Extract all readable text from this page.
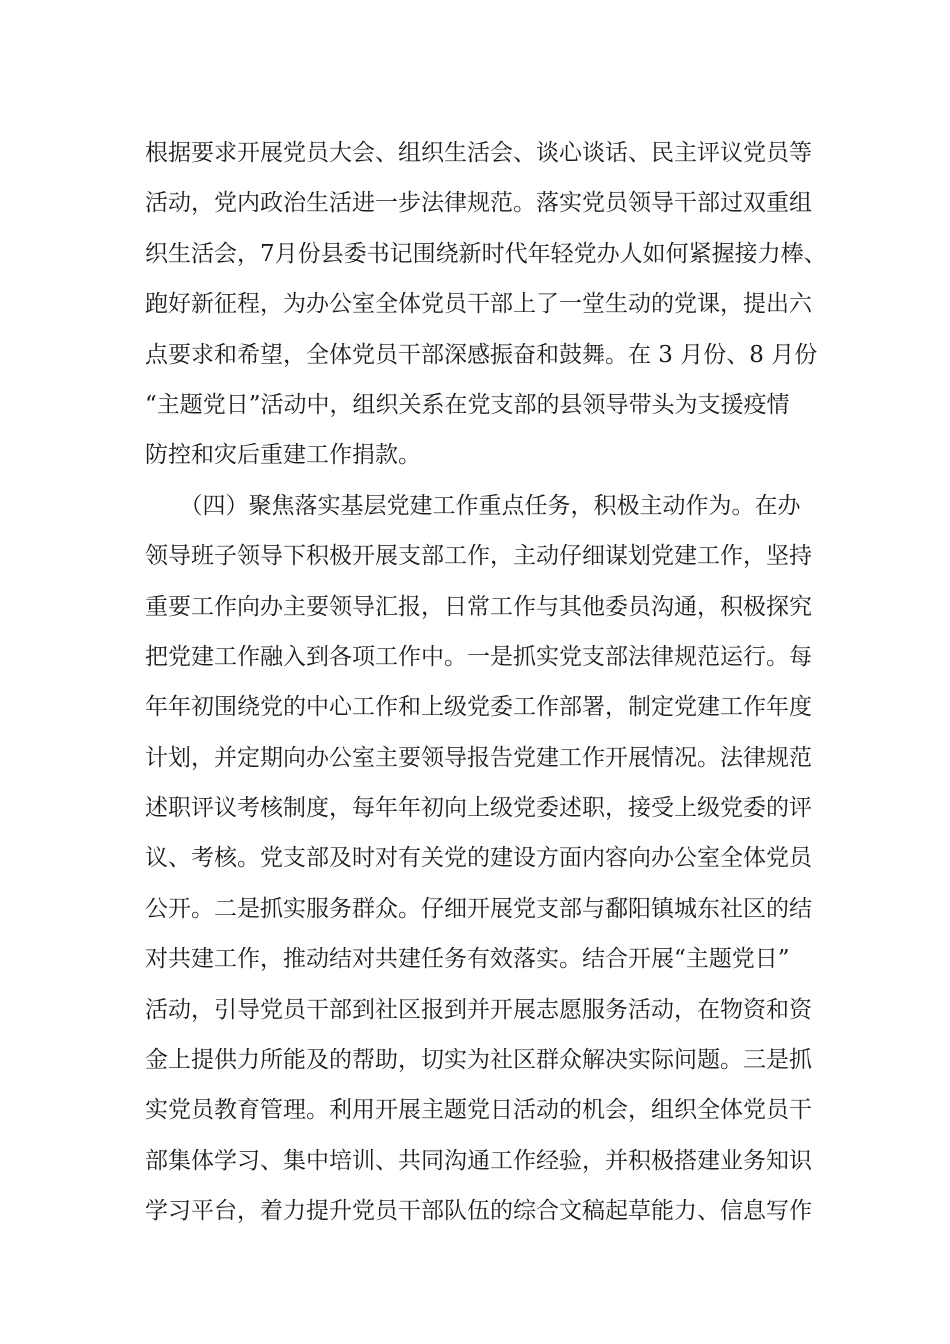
根据要求开展党员大会、组织生活会、谈心谈话、民主评议党员等
活动，党内政治生活进一步法律规范。落实党员领导干部过双重组
织生活会，7月份县委书记围绕新时代年轻党办人如何紧握接力棒、
跑好新征程，为办公室全体党员干部上了一堂生动的党课，提出六
点要求和希望，全体党员干部深感振奋和鼓舞。在 3 月份、8 月份
“主题党日”活动中，组织关系在党支部的县领导带头为支援疫情
防控和灾后重建工作捐款。
　　（四）聚焦落实基层党建工作重点任务，积极主动作为。在办
领导班子领导下积极开展支部工作，主动仔细谋划党建工作，坚持
重要工作向办主要领导汇报，日常工作与其他委员沟通，积极探究
把党建工作融入到各项工作中。一是抓实党支部法律规范运行。每
年年初围绕党的中心工作和上级党委工作部署，制定党建工作年度
计划，并定期向办公室主要领导报告党建工作开展情况。法律规范
述职评议考核制度，每年年初向上级党委述职，接受上级党委的评
议、考核。党支部及时对有关党的建设方面内容向办公室全体党员
公开。二是抓实服务群众。仔细开展党支部与鄱阳镇城东社区的结
对共建工作，推动结对共建任务有效落实。结合开展“主题党日”
活动，引导党员干部到社区报到并开展志愿服务活动，在物资和资
金上提供力所能及的帮助，切实为社区群众解决实际问题。三是抓
实党员教育管理。利用开展主题党日活动的机会，组织全体党员干
部集体学习、集中培训、共同沟通工作经验，并积极搭建业务知识
学习平台，着力提升党员干部队伍的综合文稿起草能力、信息写作
